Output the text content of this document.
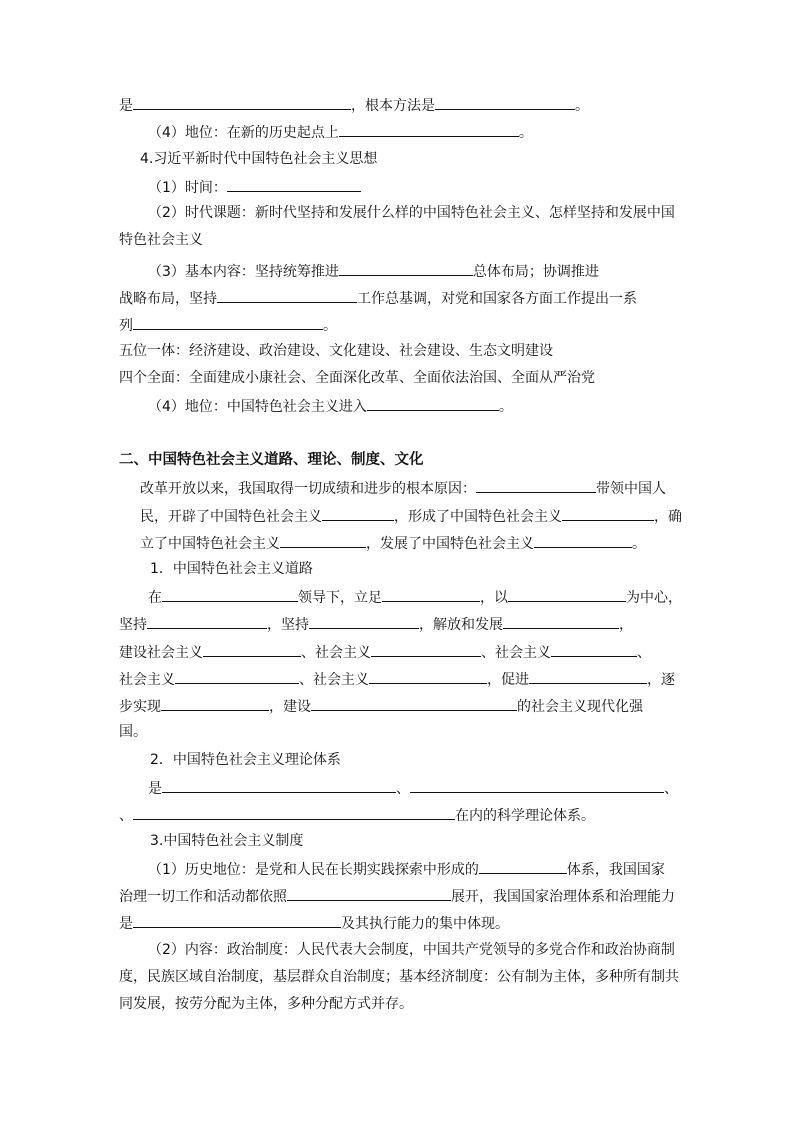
是	，根本方法是	。
（4）地位：在新的历史起点上	。
4.习近平新时代中国特色社会主义思想
（1）时间：
（2）时代课题：新时代坚持和发展什么样的中国特色社会主义、怎样坚持和发展中国
特色社会主义
（3）基本内容：坚持统筹推进	总体布局；协调推进
战略布局，坚持	工作总基调，对党和国家各方面工作提出一系
列	。
五位一体：经济建设、政治建设、文化建设、社会建设、生态文明建设
四个全面：全面建成小康社会、全面深化改革、全面依法治国、全面从严治党
（4）地位：中国特色社会主义进入	。
二、中国特色社会主义道路、理论、制度、文化
改革开放以来，我国取得一切成绩和进步的根本原因：	带领中国人
民，开辟了中国特色社会主义	，形成了中国特色社会主义	，确
立了中国特色社会主义	，发展了中国特色社会主义	。
1．中国特色社会主义道路
在	领导下，立足	，以	为中心，
坚持	，坚持	，解放和发展	，
建设社会主义	、社会主义	、社会主义	、
社会主义	、社会主义	，促进	，逐
步实现	，建设	的社会主义现代化强
国。
2．中国特色社会主义理论体系
是	、	、
、	在内的科学理论体系。
3.中国特色社会主义制度
（1）历史地位：是党和人民在长期实践探索中形成的	体系，我国国家
治理一切工作和活动都依照	展开，我国国家治理体系和治理能力
是	及其执行能力的集中体现。
（2）内容：政治制度：人民代表大会制度，中国共产党领导的多党合作和政治协商制
度，民族区域自治制度，基层群众自治制度；基本经济制度：公有制为主体，多种所有制共
同发展，按劳分配为主体，多种分配方式并存。
